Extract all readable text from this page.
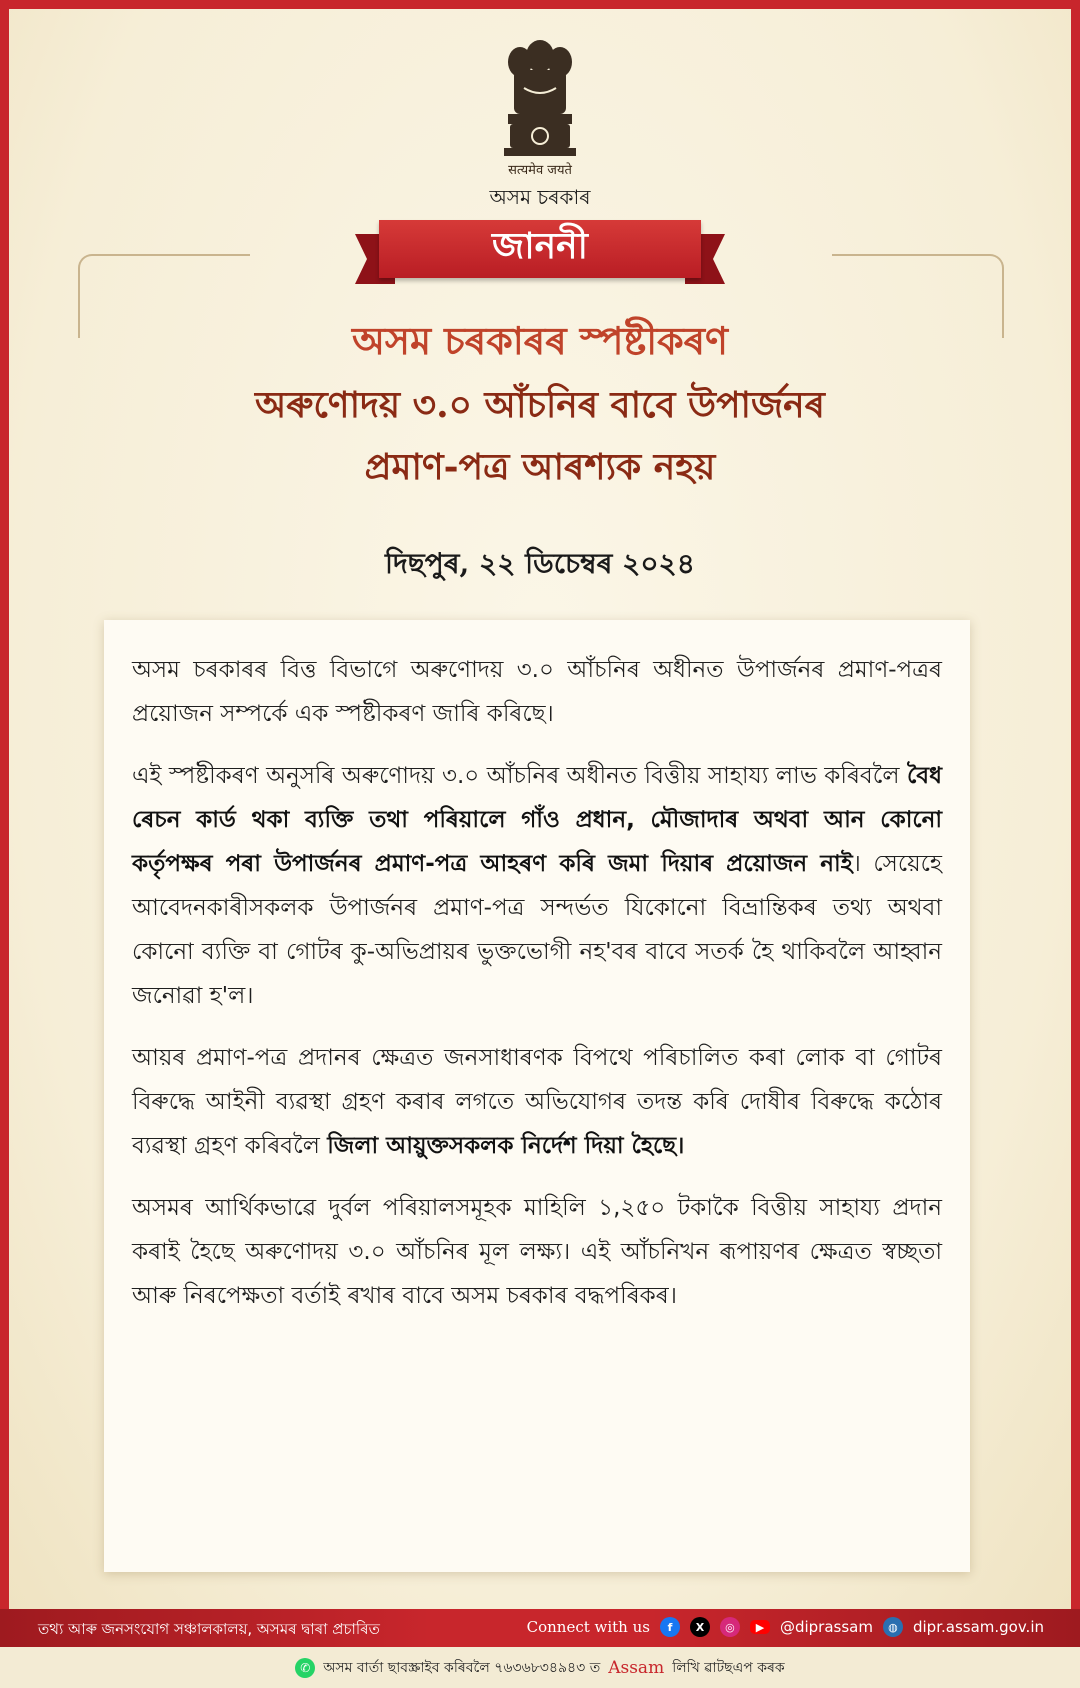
सत्यमेव जयते
অসম চৰকাৰ
জাননী
অসম চৰকাৰৰ স্পষ্টীকৰণ
অৰুণোদয় ৩.০ আঁচনিৰ বাবে উপাৰ্জনৰ
প্ৰমাণ-পত্ৰ আৰশ্যক নহয়
দিছপুৰ, ২২ ডিচেম্বৰ ২০২৪

অসম চৰকাৰৰ বিত্ত বিভাগে অৰুণোদয় ৩.০ আঁচনিৰ অধীনত উপাৰ্জনৰ প্ৰমাণ-পত্ৰৰ প্ৰয়োজন সম্পৰ্কে এক স্পষ্টীকৰণ জাৰি কৰিছে।

এই স্পষ্টীকৰণ অনুসৰি অৰুণোদয় ৩.০ আঁচনিৰ অধীনত বিত্তীয় সাহায্য লাভ কৰিবলৈ বৈধ ৰেচন কাৰ্ড থকা ব্যক্তি তথা পৰিয়ালে গাঁও প্ৰধান, মৌজাদাৰ অথবা আন কোনো কৰ্তৃপক্ষৰ পৰা উপাৰ্জনৰ প্ৰমাণ-পত্ৰ আহৰণ কৰি জমা দিয়াৰ প্ৰয়োজন নাই। সেয়েহে আবেদনকাৰীসকলক উপাৰ্জনৰ প্ৰমাণ-পত্ৰ সন্দৰ্ভত যিকোনো বিভ্ৰান্তিকৰ তথ্য অথবা কোনো ব্যক্তি বা গোটৰ কু-অভিপ্ৰায়ৰ ভুক্তভোগী নহ'বৰ বাবে সতৰ্ক হৈ থাকিবলৈ আহ্বান জনোৱা হ'ল।

আয়ৰ প্ৰমাণ-পত্ৰ প্ৰদানৰ ক্ষেত্ৰত জনসাধাৰণক বিপথে পৰিচালিত কৰা লোক বা গোটৰ বিৰুদ্ধে আইনী ব্যৱস্থা গ্ৰহণ কৰাৰ লগতে অভিযোগৰ তদন্ত কৰি দোষীৰ বিৰুদ্ধে কঠোৰ ব্যৱস্থা গ্ৰহণ কৰিবলৈ জিলা আয়ুক্তসকলক নিৰ্দেশ দিয়া হৈছে।

অসমৰ আৰ্থিকভাৱে দুৰ্বল পৰিয়ালসমূহক মাহিলি ১,২৫০ টকাকৈ বিত্তীয় সাহায্য প্ৰদান কৰাই হৈছে অৰুণোদয় ৩.০ আঁচনিৰ মূল লক্ষ্য। এই আঁচনিখন ৰূপায়ণৰ ক্ষেত্ৰত স্বচ্ছতা আৰু নিৰপেক্ষতা বৰ্তাই ৰখাৰ বাবে অসম চৰকাৰ বদ্ধপৰিকৰ।

তথ্য আৰু জনসংযোগ সঞ্চালকালয়, অসমৰ দ্বাৰা প্ৰচাৰিত	Connect with us	f	X	◎	▶	@diprassam	◍	dipr.assam.gov.in
✆ অসম বাৰ্তা ছাবস্ক্ৰাইব কৰিবলৈ ৭৬৩৬৮৩৪৯৪৩ ত Assam লিখি ৱাটছএপ কৰক
